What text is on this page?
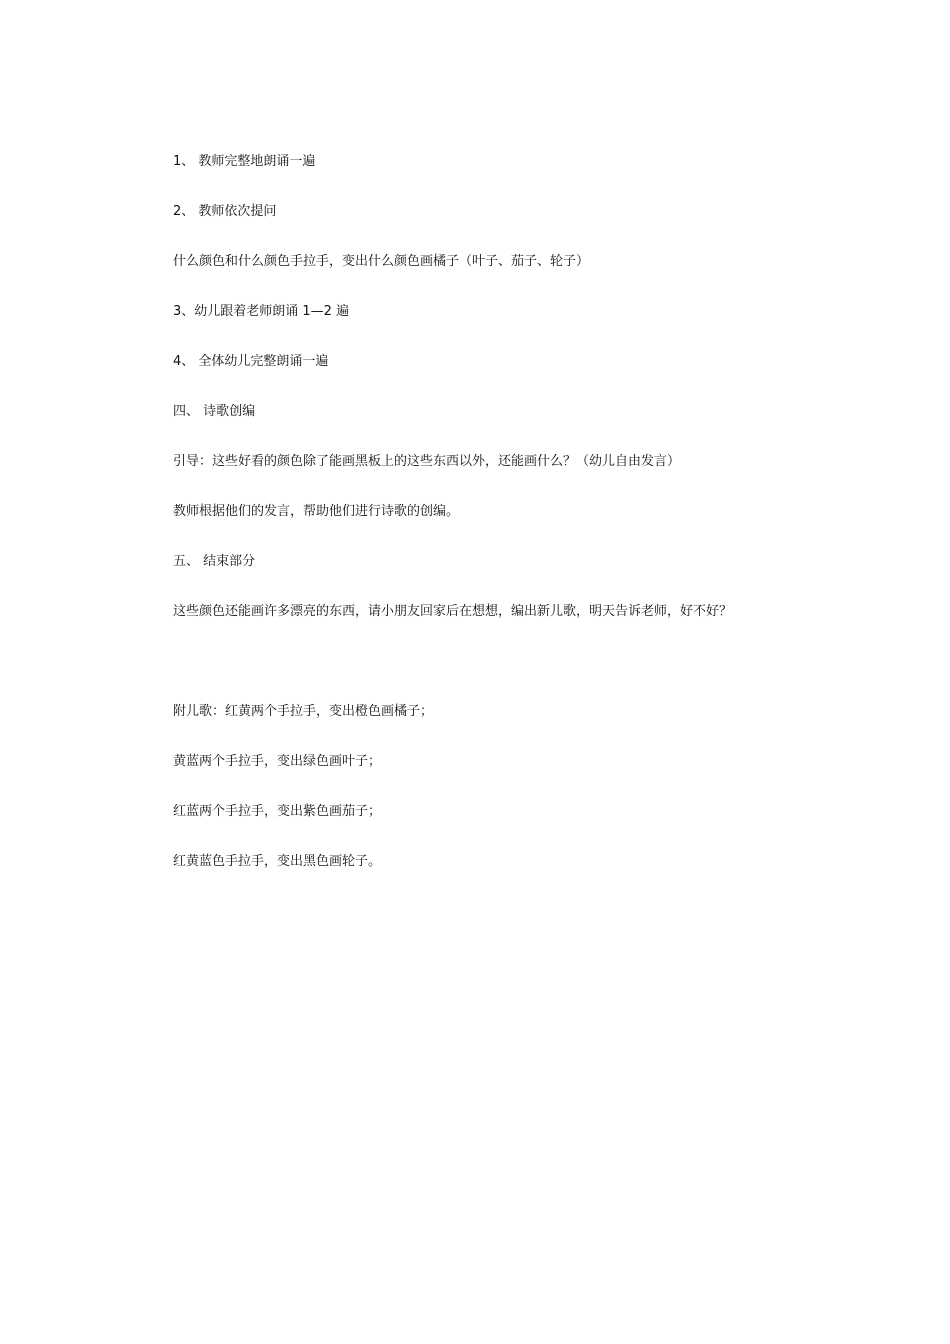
1、 教师完整地朗诵一遍

2、 教师依次提问

什么颜色和什么颜色手拉手，变出什么颜色画橘子（叶子、茄子、轮子）

3、幼儿跟着老师朗诵 1—2 遍

4、 全体幼儿完整朗诵一遍

四、 诗歌创编

引导：这些好看的颜色除了能画黑板上的这些东西以外，还能画什么？（幼儿自由发言）

教师根据他们的发言，帮助他们进行诗歌的创编。

五、 结束部分

这些颜色还能画许多漂亮的东西，请小朋友回家后在想想，编出新儿歌，明天告诉老师，好不好？

附儿歌：红黄两个手拉手，变出橙色画橘子；

黄蓝两个手拉手，变出绿色画叶子；

红蓝两个手拉手，变出紫色画茄子；

红黄蓝色手拉手，变出黑色画轮子。
